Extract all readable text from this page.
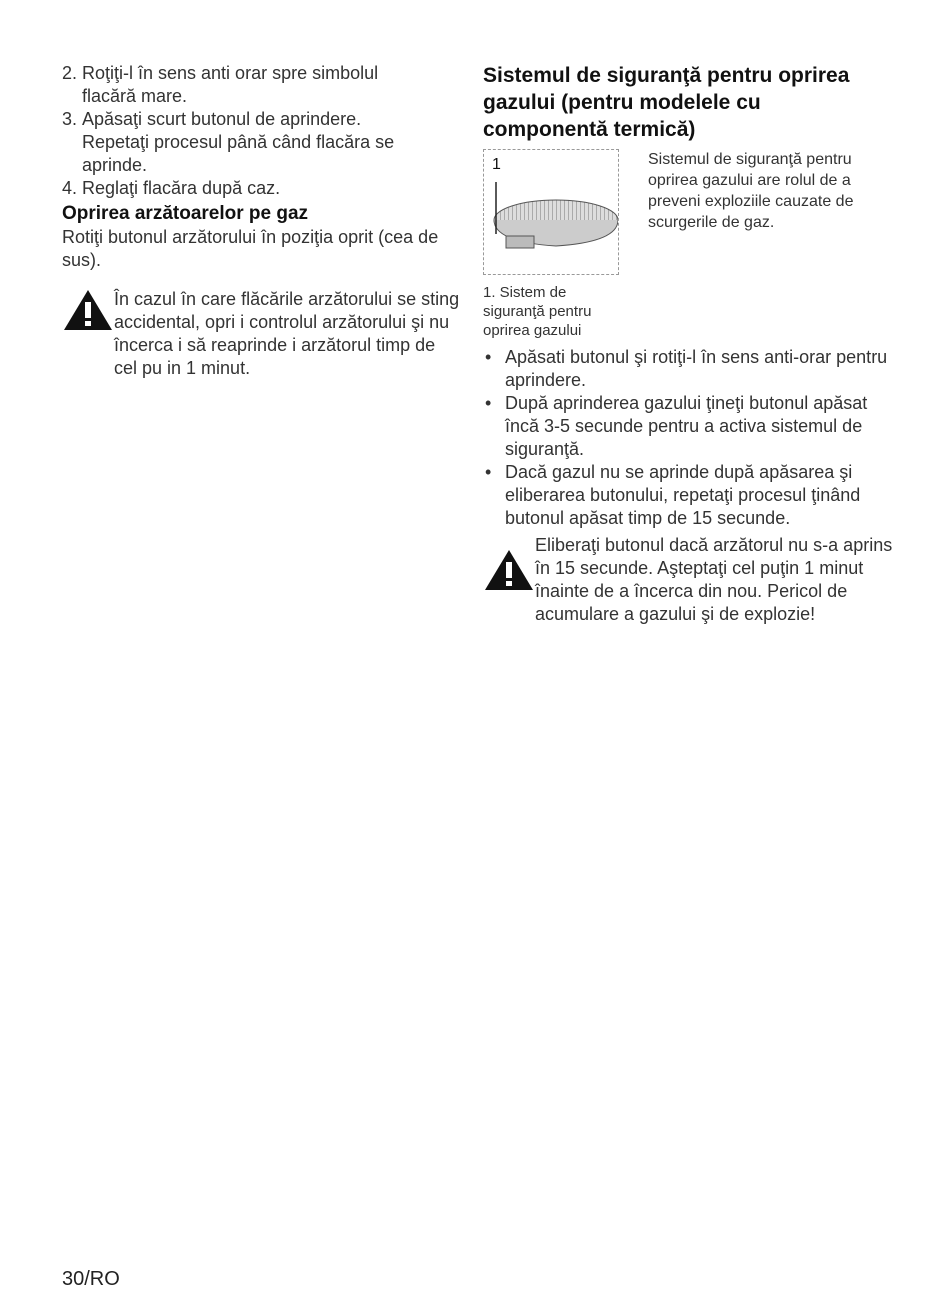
2. Roţiţi-l în sens anti orar spre simbolul
flacără mare.
3. Apăsaţi scurt butonul de aprindere.
Repetaţi procesul până când flacăra se aprinde.
4. Reglaţi flacăra după caz.
Oprirea arzătoarelor pe gaz
Rotiţi butonul arzătorului în poziţia oprit (cea de sus).
În cazul în care flăcările arzătorului se sting accidental, opri i controlul arzătorului şi nu încerca i să reaprinde i arzătorul timp de cel pu in 1 minut.
Sistemul de siguranţă pentru oprirea gazului (pentru modelele cu componentă termică)
1	Sistemul de siguranţă pentru oprirea gazului are rolul de a preveni exploziile cauzate de scurgerile de gaz.
1. Sistem de siguranţă pentru oprirea gazului
• Apăsati butonul şi rotiţi-l în sens anti-orar pentru aprindere.
• După aprinderea gazului ţineţi butonul apăsat încă 3-5 secunde pentru a activa sistemul de siguranţă.
• Dacă gazul nu se aprinde după apăsarea şi eliberarea butonului, repetaţi procesul ţinând butonul apăsat timp de 15 secunde.
Eliberaţi butonul dacă arzătorul nu s-a aprins în 15 secunde. Aşteptaţi cel puţin 1 minut înainte de a încerca din nou. Pericol de acumulare a gazului şi de explozie!
30/RO
